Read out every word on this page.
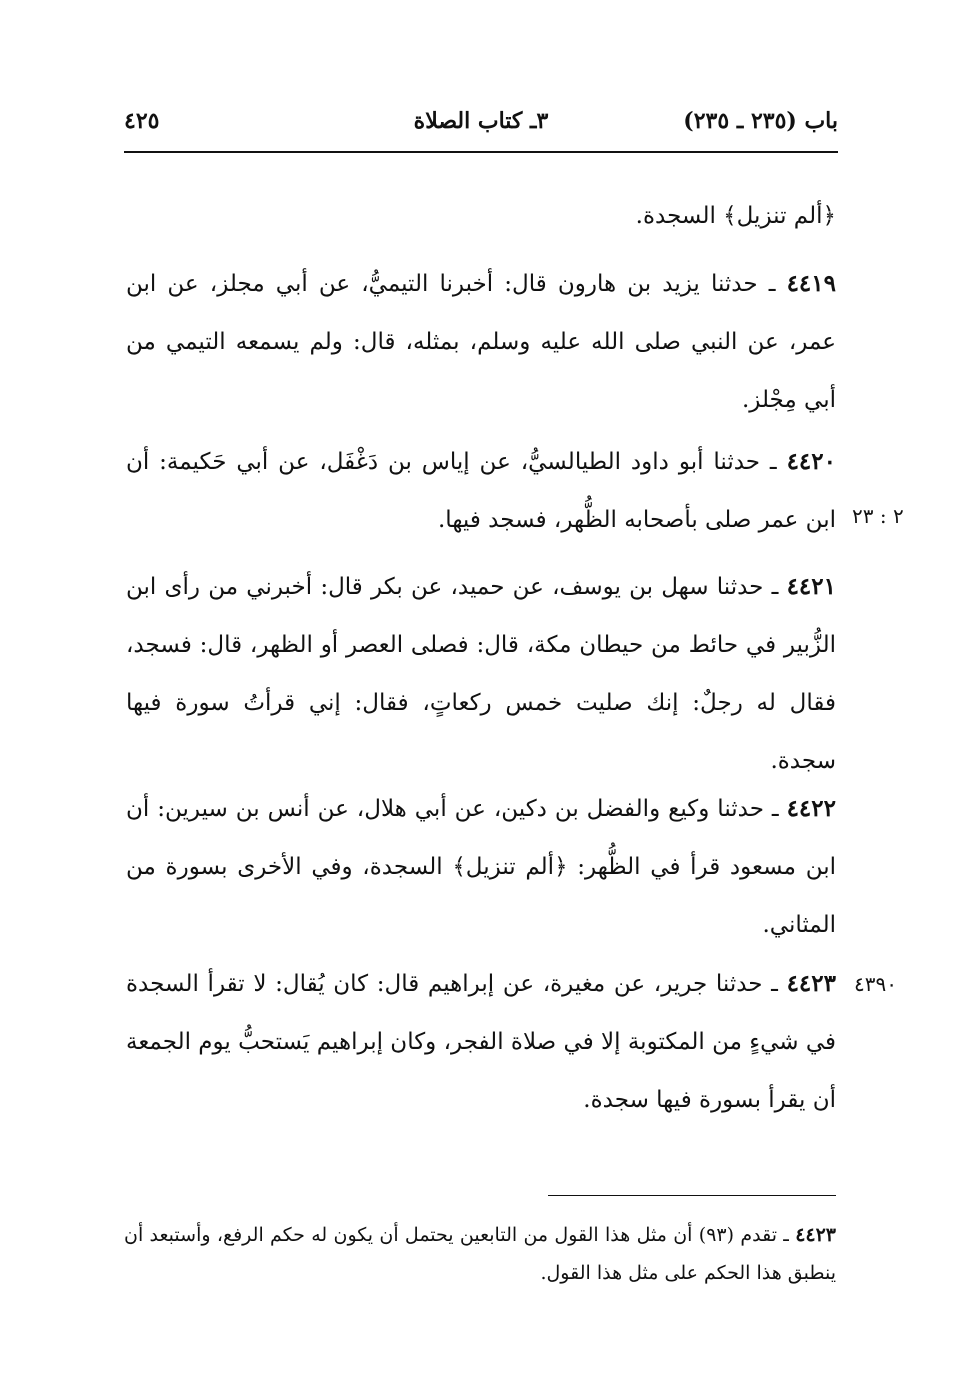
باب (٢٣٥ ـ ٢٣٥)
٣ـ كتاب الصلاة
٤٢٥
﴿ألم تنزيل﴾ السجدة.
٤٤١٩ ـ حدثنا يزيد بن هارون قال: أخبرنا التيميُّ، عن أبي مجلز، عن ابن عمر، عن النبي صلى الله عليه وسلم، بمثله، قال: ولم يسمعه التيمي من أبي مِجْلز.
٤٤٢٠ ـ حدثنا أبو داود الطيالسيُّ، عن إياس بن دَغْفَل، عن أبي حَكيمة: أن ابن عمر صلى بأصحابه الظُّهر، فسجد فيها. ٢ : ٢٣
٤٤٢١ ـ حدثنا سهل بن يوسف، عن حميد، عن بكر قال: أخبرني من رأى ابن الزُّبير في حائط من حيطان مكة، قال: فصلى العصر أو الظهر، قال: فسجد، فقال له رجلٌ: إنك صليت خمس ركعاتٍ، فقال: إني قرأتُ سورة فيها سجدة.
٤٤٢٢ ـ حدثنا وكيع والفضل بن دكين، عن أبي هلال، عن أنس بن سيرين: أن ابن مسعود قرأ في الظُّهر: ﴿ألم تنزيل﴾ السجدة، وفي الأخرى بسورة من المثاني.
٤٤٢٣ ـ حدثنا جرير، عن مغيرة، عن إبراهيم قال: كان يُقال: لا تقرأ السجدة في شيءٍ من المكتوبة إلا في صلاة الفجر، وكان إبراهيم يَستحبُّ يوم الجمعة أن يقرأ بسورة فيها سجدة.
٤٣٩٠
٤٤٢٣ ـ تقدم (٩٣) أن مثل هذا القول من التابعين يحتمل أن يكون له حكم الرفع، وأستبعد أن ينطبق هذا الحكم على مثل هذا القول.
